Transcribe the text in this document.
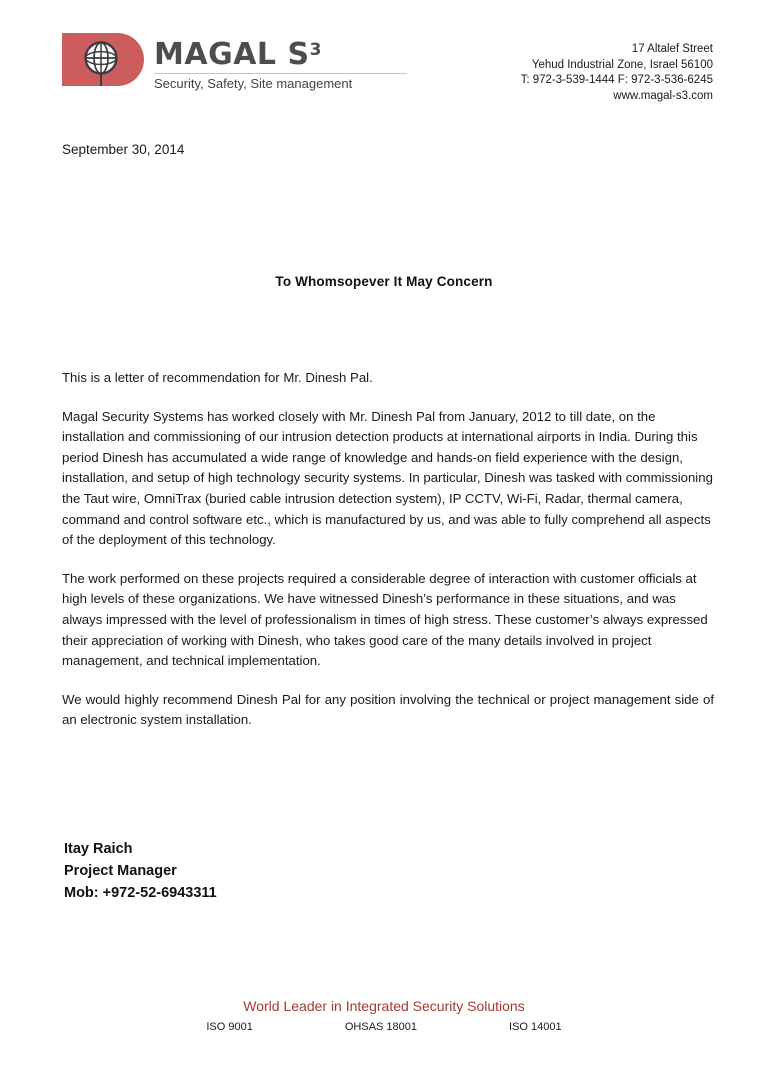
MAGAL $S^3$
Security, Safety, Site management
17 Altalef Street
Yehud Industrial Zone, Israel 56100
T: 972-3-539-1444 F: 972-3-536-6245
www.magal-s3.com
September 30, 2014
To Whomsopever It May Concern

This is a letter of recommendation for Mr. Dinesh Pal.

Magal Security Systems has worked closely with Mr. Dinesh Pal from January, 2012 to till date, on the installation and commissioning of our intrusion detection products at international airports in India. During this period Dinesh has accumulated a wide range of knowledge and hands-on field experience with the design, installation, and setup of high technology security systems. In particular, Dinesh was tasked with commissioning the Taut wire, OmniTrax (buried cable intrusion detection system), IP CCTV, Wi-Fi, Radar, thermal camera, command and control software etc., which is manufactured by us, and was able to fully comprehend all aspects of the deployment of this technology.

The work performed on these projects required a considerable degree of interaction with customer officials at high levels of these organizations. We have witnessed Dinesh’s performance in these situations, and was always impressed with the level of professionalism in times of high stress. These customer’s always expressed their appreciation of working with Dinesh, who takes good care of the many details involved in project management, and technical implementation.

We would highly recommend Dinesh Pal for any position involving the technical or project management side of an electronic system installation.

Itay Raich
Project Manager
Mob: +972-52-6943311
World Leader in Integrated Security Solutions
ISO 9001	OHSAS 18001	ISO 14001
